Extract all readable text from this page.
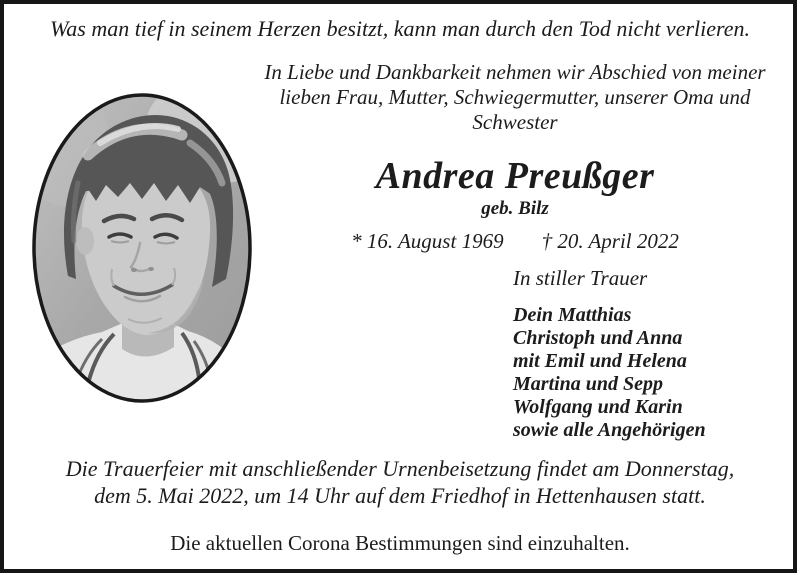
Was man tief in seinem Herzen besitzt, kann man durch den Tod nicht verlieren.
In Liebe und Dankbarkeit nehmen wir Abschied von meiner
lieben Frau, Mutter, Schwiegermutter, unserer Oma und
Schwester
Andrea Preußger
geb. Bilz
* 16. August 1969 † 20. April 2022
In stiller Trauer
Dein Matthias
Christoph und Anna
mit Emil und Helena
Martina und Sepp
Wolfgang und Karin
sowie alle Angehörigen
Die Trauerfeier mit anschließender Urnenbeisetzung findet am Donnerstag,
dem 5. Mai 2022, um 14 Uhr auf dem Friedhof in Hettenhausen statt.
Die aktuellen Corona Bestimmungen sind einzuhalten.
